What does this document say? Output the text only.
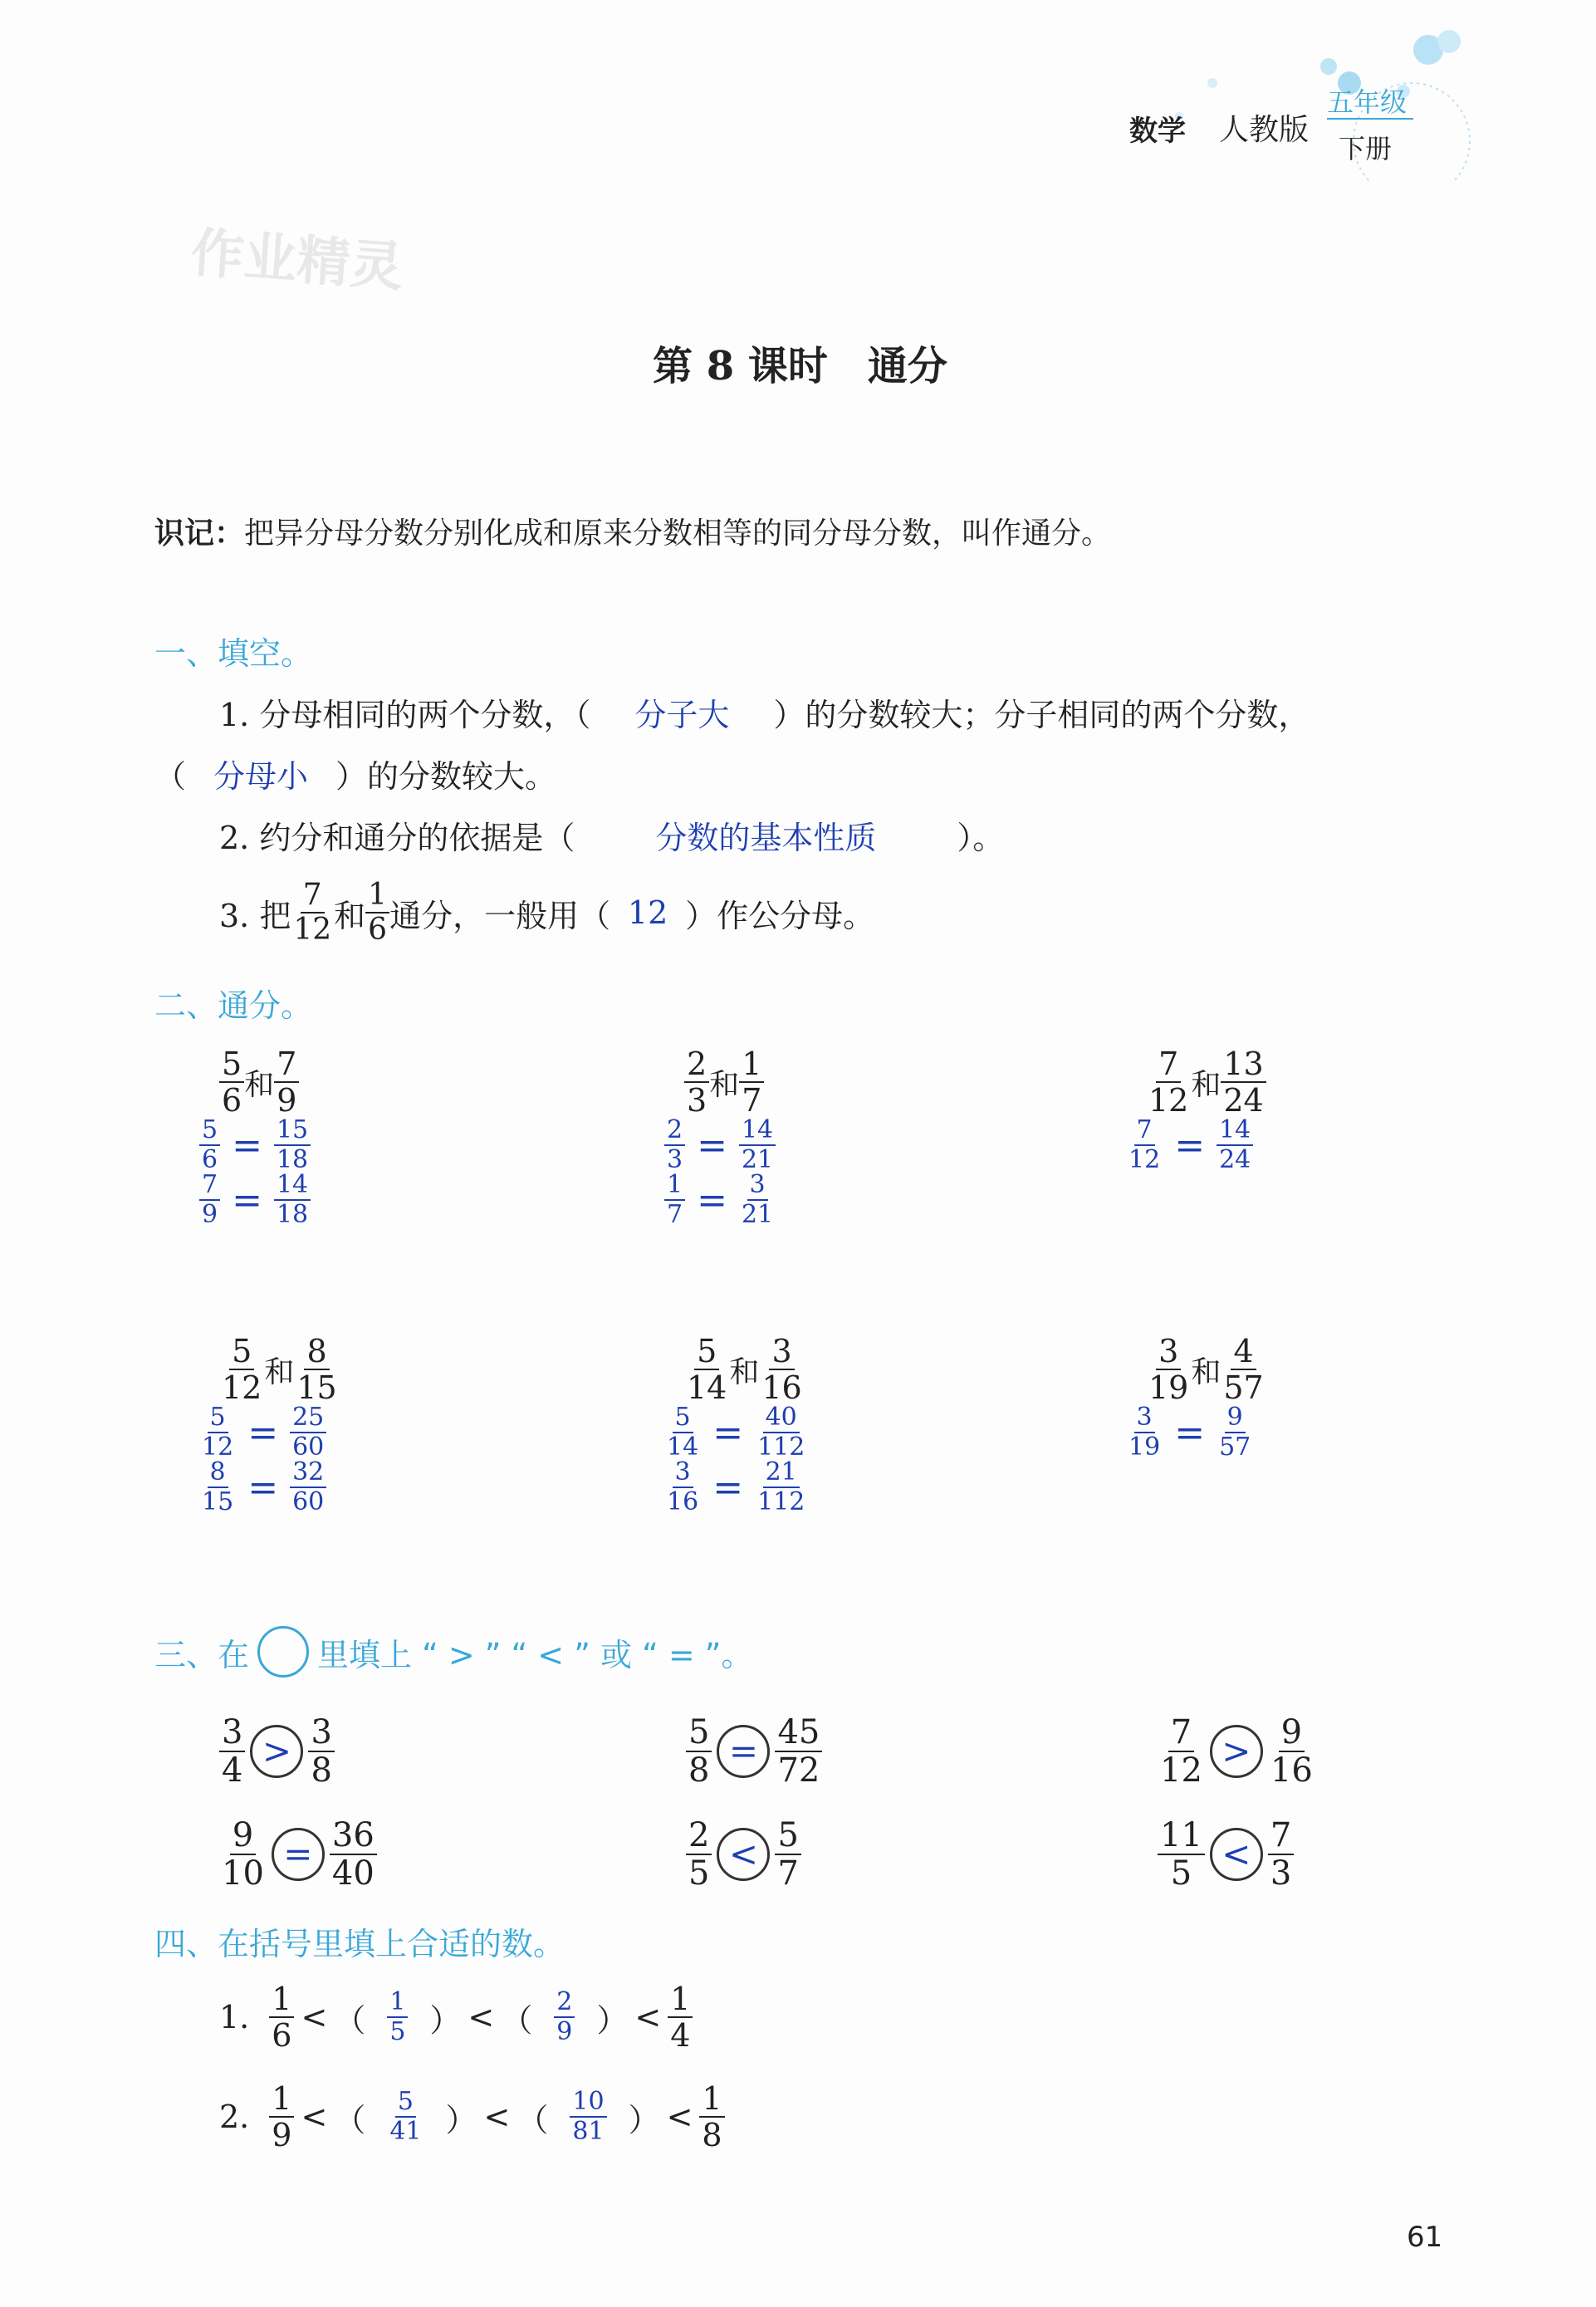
数学 人教版
五年级
下册
作业精灵
第 8 课时　通分
识记：把异分母分数分别化成和原来分数相等的同分母分数，叫作通分。
一、填空。
1. 分母相同的两个分数，（ 分子大 ）的分数较大；分子相同的两个分数，
（ 分母小 ）的分数较大。
2. 约分和通分的依据是（	分数的基本性质	）。
3. 把 $\frac{7}{12}$ 和 $\frac{1}{6}$ 通分，一般用（ 12 ）作公分母。
二、通分。
$\frac{5}{6}$ 和 $\frac{7}{9}$
$\frac{5}{6} = \frac{15}{18}$
$\frac{7}{9} = \frac{14}{18}$
$\frac{2}{3}$ 和 $\frac{1}{7}$
$\frac{2}{3} = \frac{14}{21}$
$\frac{1}{7} = \frac{3}{21}$
$\frac{7}{12}$ 和 $\frac{13}{24}$
$\frac{7}{12} = \frac{14}{24}$
$\frac{5}{12}$ 和 $\frac{8}{15}$
$\frac{5}{12} = \frac{25}{60}$
$\frac{8}{15} = \frac{32}{60}$
$\frac{5}{14}$ 和 $\frac{3}{16}$
$\frac{5}{14} = \frac{40}{112}$
$\frac{3}{16} = \frac{21}{112}$
$\frac{3}{19}$ 和 $\frac{4}{57}$
$\frac{3}{19} = \frac{9}{57}$
三、在 里填上 “ > ” “ < ” 或 “ = ”。
$\frac{3}{4} > \frac{3}{8}$	$\frac{5}{8} = \frac{45}{72}$	$\frac{7}{12} > \frac{9}{16}$
$\frac{9}{10} = \frac{36}{40}$	$\frac{2}{5} < \frac{5}{7}$	$\frac{11}{5} < \frac{7}{3}$
四、在括号里填上合适的数。
1. $\frac{1}{6}$ < （ $\frac{1}{5}$ ） < （ $\frac{2}{9}$ ） < $\frac{1}{4}$
2. $\frac{1}{9}$ < （ $\frac{5}{41}$ ） < （ $\frac{10}{81}$ ） < $\frac{1}{8}$
61
